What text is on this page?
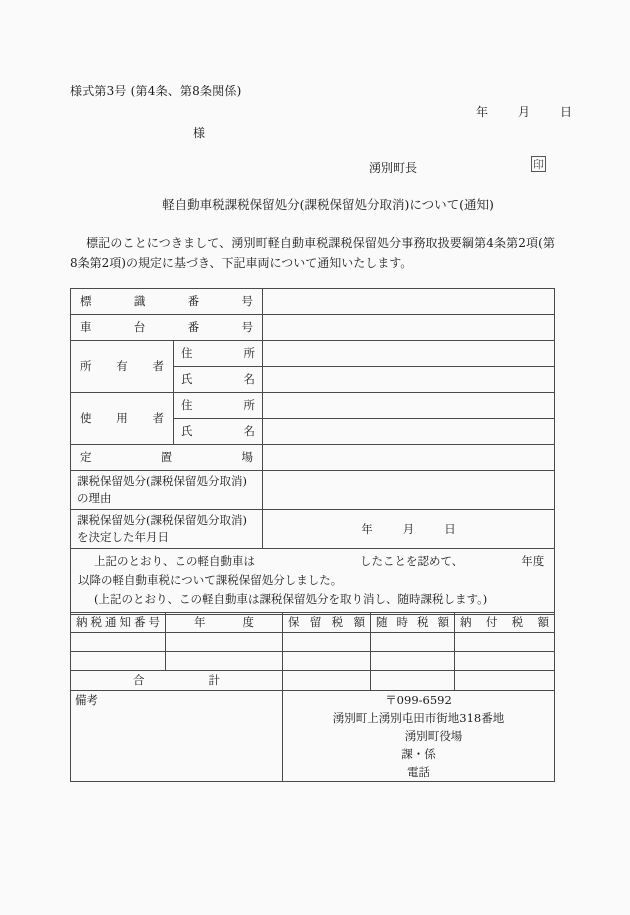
様式第3号 (第4条、第8条関係)
年	月	日
様
湧別町長	印
軽自動車税課税保留処分(課税保留処分取消)について(通知)
標記のことにつきまして、湧別町軽自動車税課税保留処分事務取扱要綱第4条第2項(第8条第2項)の規定に基づき、下記車両について通知いたします。
標識番号		
車台番号		
所有者	住所	
	氏名	
使用者	住所	
	氏名	
定置場		
課税保留処分(課税保留処分取消)の理由		
課税保留処分(課税保留処分取消)を決定した年月日		年 月 日
上記のとおり、この軽自動車は したことを認めて、 年度
以降の軽自動車税について課税保留処分しました。
(上記のとおり、この軽自動車は課税保留処分を取り消し、随時課税します。)		
納税通知番号	年度	保留税額	随時税額	納付税額

合計				
備考		〒099-6592
湧別町上湧別屯田市街地318番地
湧別町役場
課・係
電話		
